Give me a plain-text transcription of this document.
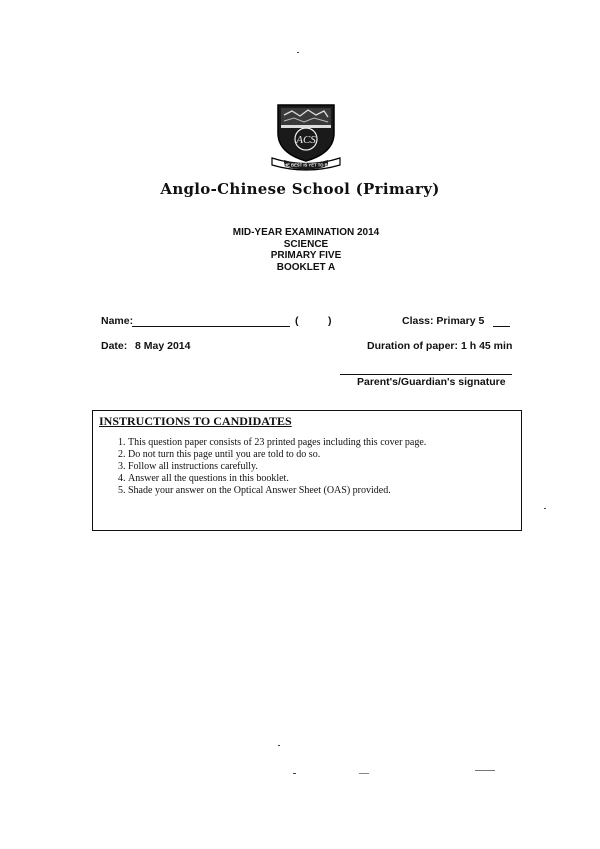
ACS
THE BEST IS YET TO BE
Anglo-Chinese School (Primary)
MID-YEAR EXAMINATION 2014
SCIENCE
PRIMARY FIVE
BOOKLET A
Name:	(	)	Class: Primary 5
Date: 8 May 2014	Duration of paper: 1 h 45 min
Parent's/Guardian's signature
INSTRUCTIONS TO CANDIDATES
1. This question paper consists of 23 printed pages including this cover page.
2. Do not turn this page until you are told to do so.
3. Follow all instructions carefully.
4. Answer all the questions in this booklet.
5. Shade your answer on the Optical Answer Sheet (OAS) provided.
